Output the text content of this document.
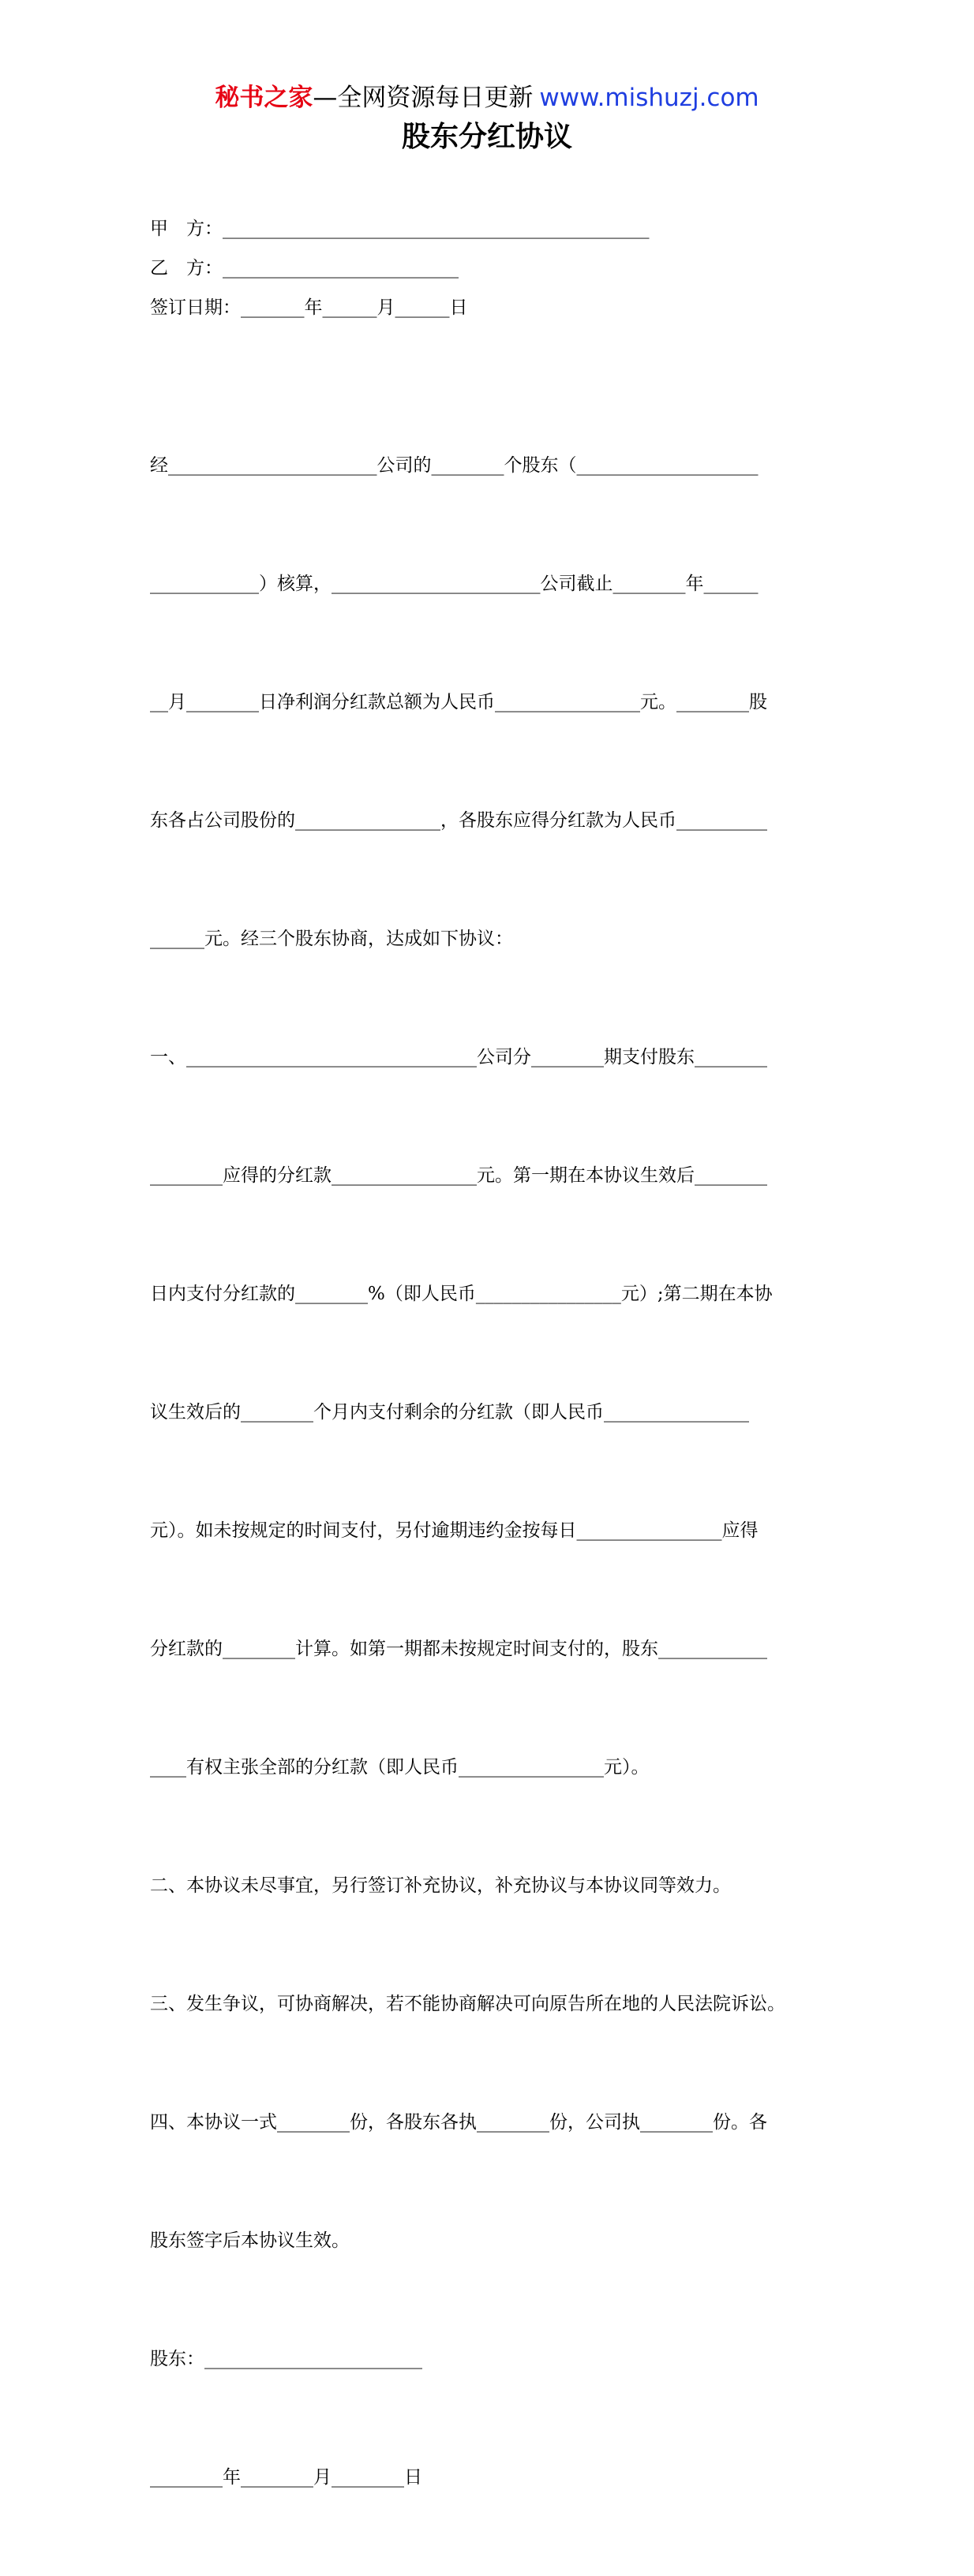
秘书之家—全网资源每日更新 www.mishuzj.com
股东分红协议
甲　方：_______________________________________________
乙　方：__________________________
签订日期：_______年______月______日

经_______________________公司的________个股东（____________________

____________）核算，_______________________公司截止________年______

__月________日净利润分红款总额为人民币________________元。________股

东各占公司股份的________________，各股东应得分红款为人民币__________

______元。经三个股东协商，达成如下协议：

一、________________________________公司分________期支付股东________

________应得的分红款________________元。第一期在本协议生效后________

日内支付分红款的________%（即人民币________________元）;第二期在本协

议生效后的________个月内支付剩余的分红款（即人民币________________

元）。如未按规定的时间支付，另付逾期违约金按每日________________应得

分红款的________计算。如第一期都未按规定时间支付的，股东____________

____有权主张全部的分红款（即人民币________________元）。

二、本协议未尽事宜，另行签订补充协议，补充协议与本协议同等效力。

三、发生争议，可协商解决，若不能协商解决可向原告所在地的人民法院诉讼。

四、本协议一式________份，各股东各执________份，公司执________份。各

股东签字后本协议生效。

股东：________________________

________年________月________日
